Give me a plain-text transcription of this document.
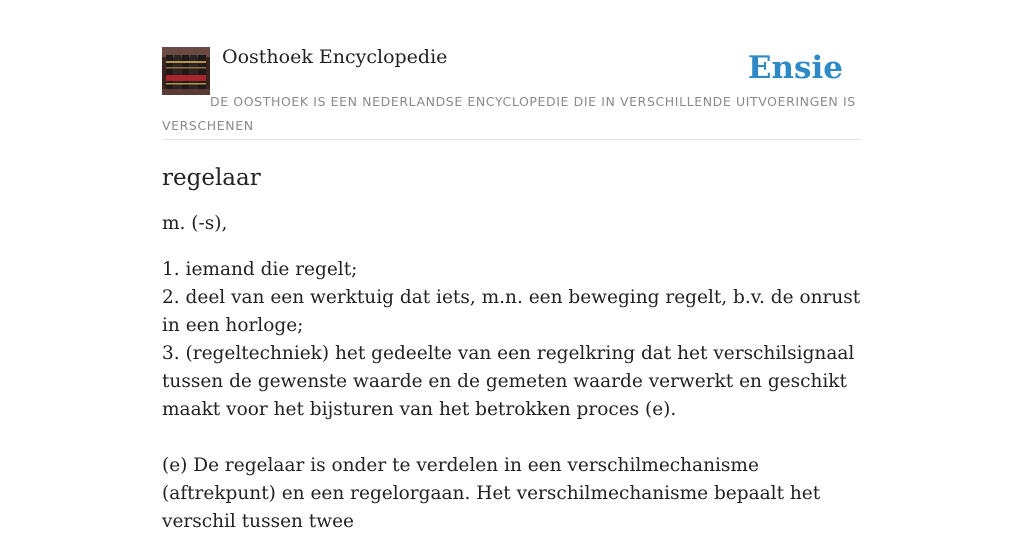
Oosthoek Encyclopedie	Ensie
DE OOSTHOEK IS EEN NEDERLANDSE ENCYCLOPEDIE DIE IN VERSCHILLENDE UITVOERINGEN IS VERSCHENEN
regelaar

m. (-s),

1. iemand die regelt;
2. deel van een werktuig dat iets, m.n. een beweging regelt, b.v. de onrust in een horloge;
3. (regeltechniek) het gedeelte van een regelkring dat het verschilsignaal tussen de gewenste waarde en de gemeten waarde verwerkt en geschikt maakt voor het bijsturen van het betrokken proces (e).

(e) De regelaar is onder te verdelen in een verschilmechanisme (aftrekpunt) en een regelorgaan. Het verschilmechanisme bepaalt het verschil tussen twee
